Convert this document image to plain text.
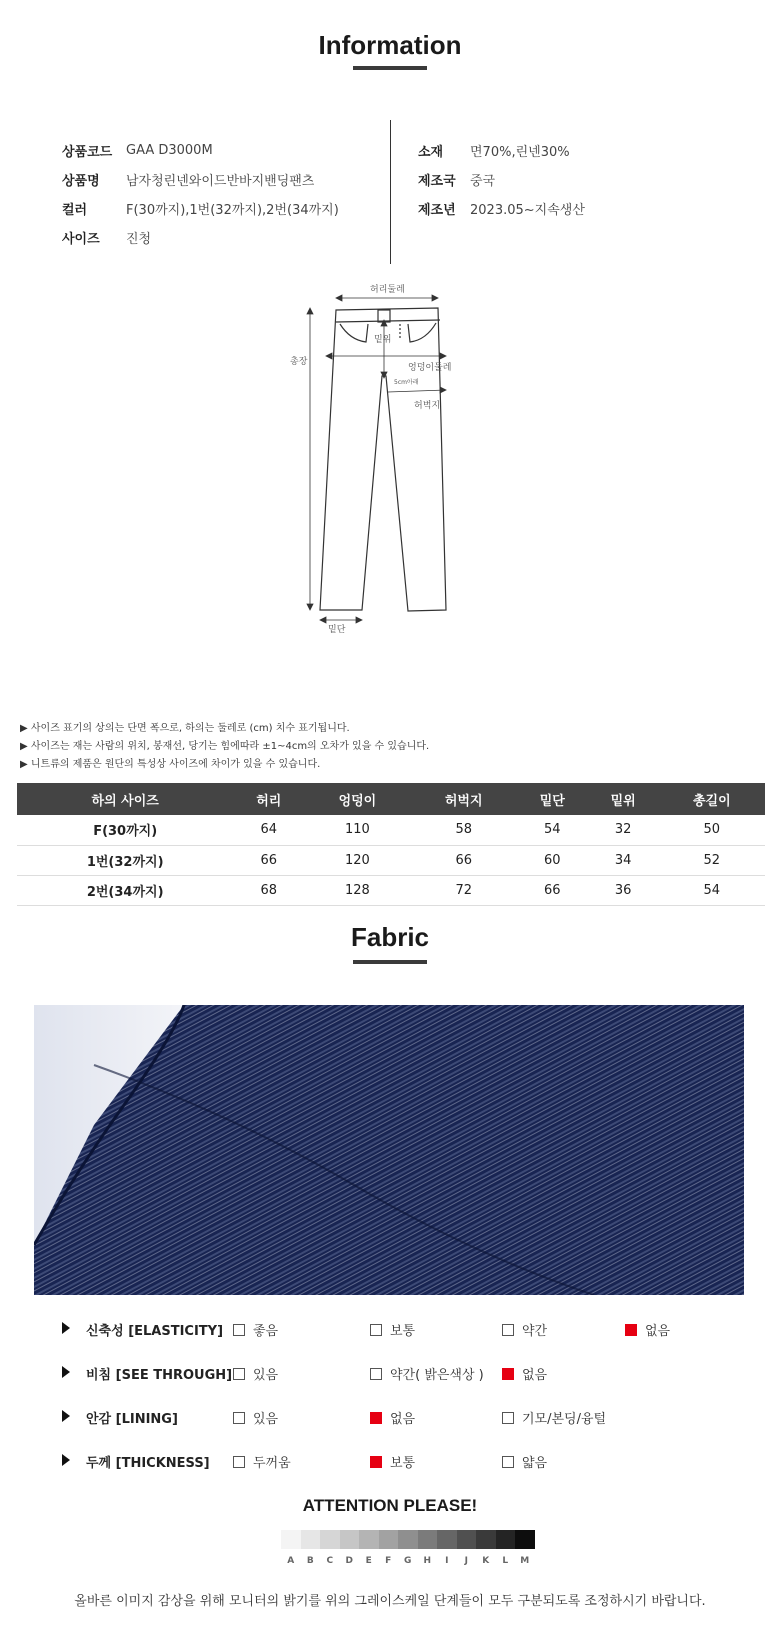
Information
상품코드	GAA D3000M
상품명	남자청린넨와이드반바지밴딩팬츠
컬러	F(30까지),1번(32까지),2번(34까지)
사이즈	진청
소재	면70%,린넨30%
제조국	중국
제조년	2023.05~지속생산
허리둘레
총장
밑위
엉덩이둘레
5cm아래
허벅지
밑단
▶ 사이즈 표기의 상의는 단면 폭으로, 하의는 둘레로 (cm) 치수 표기됩니다.
▶ 사이즈는 재는 사람의 위치, 봉재선, 당기는 힘에따라 ±1~4cm의 오차가 있을 수 있습니다.
▶ 니트류의 제품은 원단의 특성상 사이즈에 차이가 있을 수 있습니다.
하의 사이즈	허리	엉덩이	허벅지	밑단	밑위	총길이
F(30까지)	64	110	58	54	32	50
1번(32까지)	66	120	66	60	34	52
2번(34까지)	68	128	72	66	36	54
Fabric
신축성 [ELASTICITY] 좋음	보통	약간	없음
비침 [SEE THROUGH] 있음	약간( 밝은색상 )	없음
안감 [LINING]	있음	없음	기모/본딩/융털
두께 [THICKNESS]	두꺼움	보통	얇음
ATTENTION PLEASE!
A	B	C	D	E	F	G	H	I	J	K	L	M
올바른 이미지 감상을 위해 모니터의 밝기를 위의 그레이스케일 단계들이 모두 구분되도록 조정하시기 바랍니다.
